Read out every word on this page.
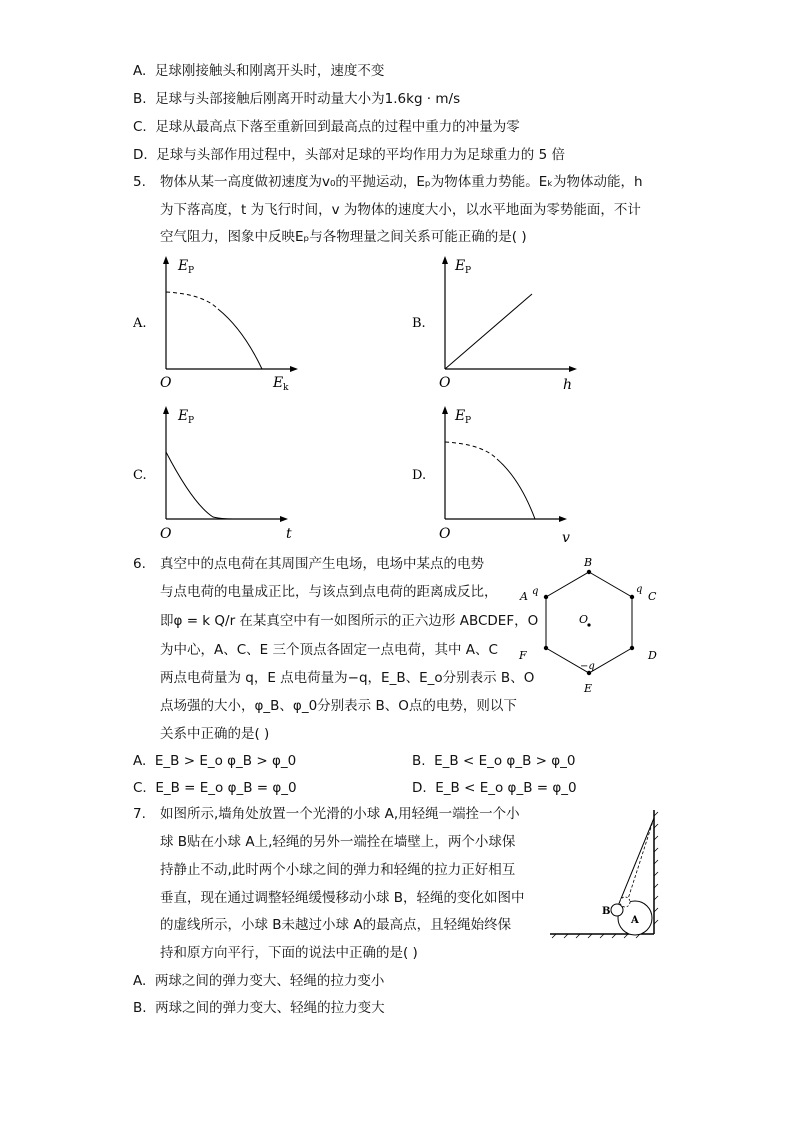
A. 足球刚接触头和刚离开头时，速度不变
B. 足球与头部接触后刚离开时动量大小为1.6kg · m/s
C. 足球从最高点下落至重新回到最高点的过程中重力的冲量为零
D. 足球与头部作用过程中，头部对足球的平均作用力为足球重力的 5 倍
5. 物体从某一高度做初速度为v₀的平抛运动，Eₚ为物体重力势能。Eₖ为物体动能，h
为下落高度，t 为飞行时间，v 为物体的速度大小，以水平地面为零势能面，不计
空气阻力，图象中反映Eₚ与各物理量之间关系可能正确的是( )
A.
E P
O	E k
B.
E P
O	h
C.
E P
O	t
D.
E P
O	v
6. 真空中的点电荷在其周围产生电场，电场中某点的电势
与点电荷的电量成正比，与该点到点电荷的距离成反比，
即φ = k Q/r 在某真空中有一如图所示的正六边形 ABCDEF，O
为中心，A、C、E 三个顶点各固定一点电荷，其中 A、C
两点电荷量为 q，E 点电荷量为−q，E_B、E_o分别表示 B、O
点场强的大小，φ_B、φ_0分别表示 B、O点的电势，则以下
关系中正确的是( )
B
A q	q
C
D
F
−q
E
O
A. E_B > E_o φ_B > φ_0	B. E_B < E_o φ_B > φ_0
C. E_B = E_o φ_B = φ_0	D. E_B < E_o φ_B = φ_0
7. 如图所示,墙角处放置一个光滑的小球 A,用轻绳一端拴一个小
球 B贴在小球 A上,轻绳的另外一端拴在墙壁上，两个小球保
持静止不动,此时两个小球之间的弹力和轻绳的拉力正好相互
垂直，现在通过调整轻绳缓慢移动小球 B，轻绳的变化如图中
的虚线所示，小球 B未越过小球 A的最高点，且轻绳始终保
持和原方向平行，下面的说法中正确的是( )
A
B
A. 两球之间的弹力变大、轻绳的拉力变小
B. 两球之间的弹力变大、轻绳的拉力变大
